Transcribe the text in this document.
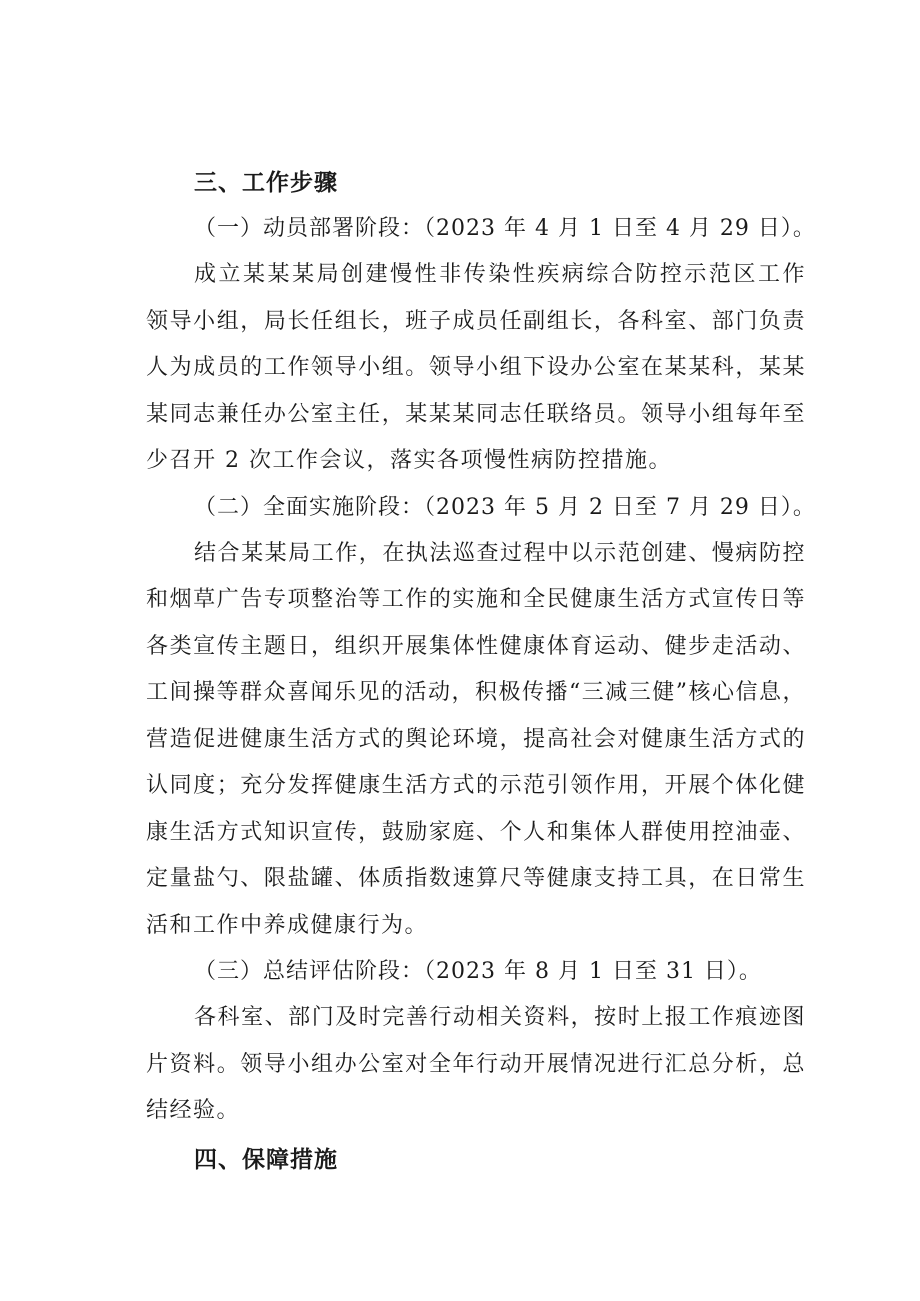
三、工作步骤

（一）动员部署阶段：（2023 年 4 月 1 日至 4 月 29 日）。

成立某某某局创建慢性非传染性疾病综合防控示范区工作
领导小组，局长任组长，班子成员任副组长，各科室、部门负责
人为成员的工作领导小组。领导小组下设办公室在某某科，某某
某同志兼任办公室主任，某某某同志任联络员。领导小组每年至
少召开 2 次工作会议，落实各项慢性病防控措施。

（二）全面实施阶段：（2023 年 5 月 2 日至 7 月 29 日）。

结合某某局工作，在执法巡查过程中以示范创建、慢病防控
和烟草广告专项整治等工作的实施和全民健康生活方式宣传日等
各类宣传主题日，组织开展集体性健康体育运动、健步走活动、
工间操等群众喜闻乐见的活动，积极传播“三减三健”核心信息，
营造促进健康生活方式的舆论环境，提高社会对健康生活方式的
认同度；充分发挥健康生活方式的示范引领作用，开展个体化健
康生活方式知识宣传，鼓励家庭、个人和集体人群使用控油壶、
定量盐勺、限盐罐、体质指数速算尺等健康支持工具，在日常生
活和工作中养成健康行为。

（三）总结评估阶段：（2023 年 8 月 1 日至 31 日）。

各科室、部门及时完善行动相关资料，按时上报工作痕迹图
片资料。领导小组办公室对全年行动开展情况进行汇总分析，总
结经验。

四、保障措施
